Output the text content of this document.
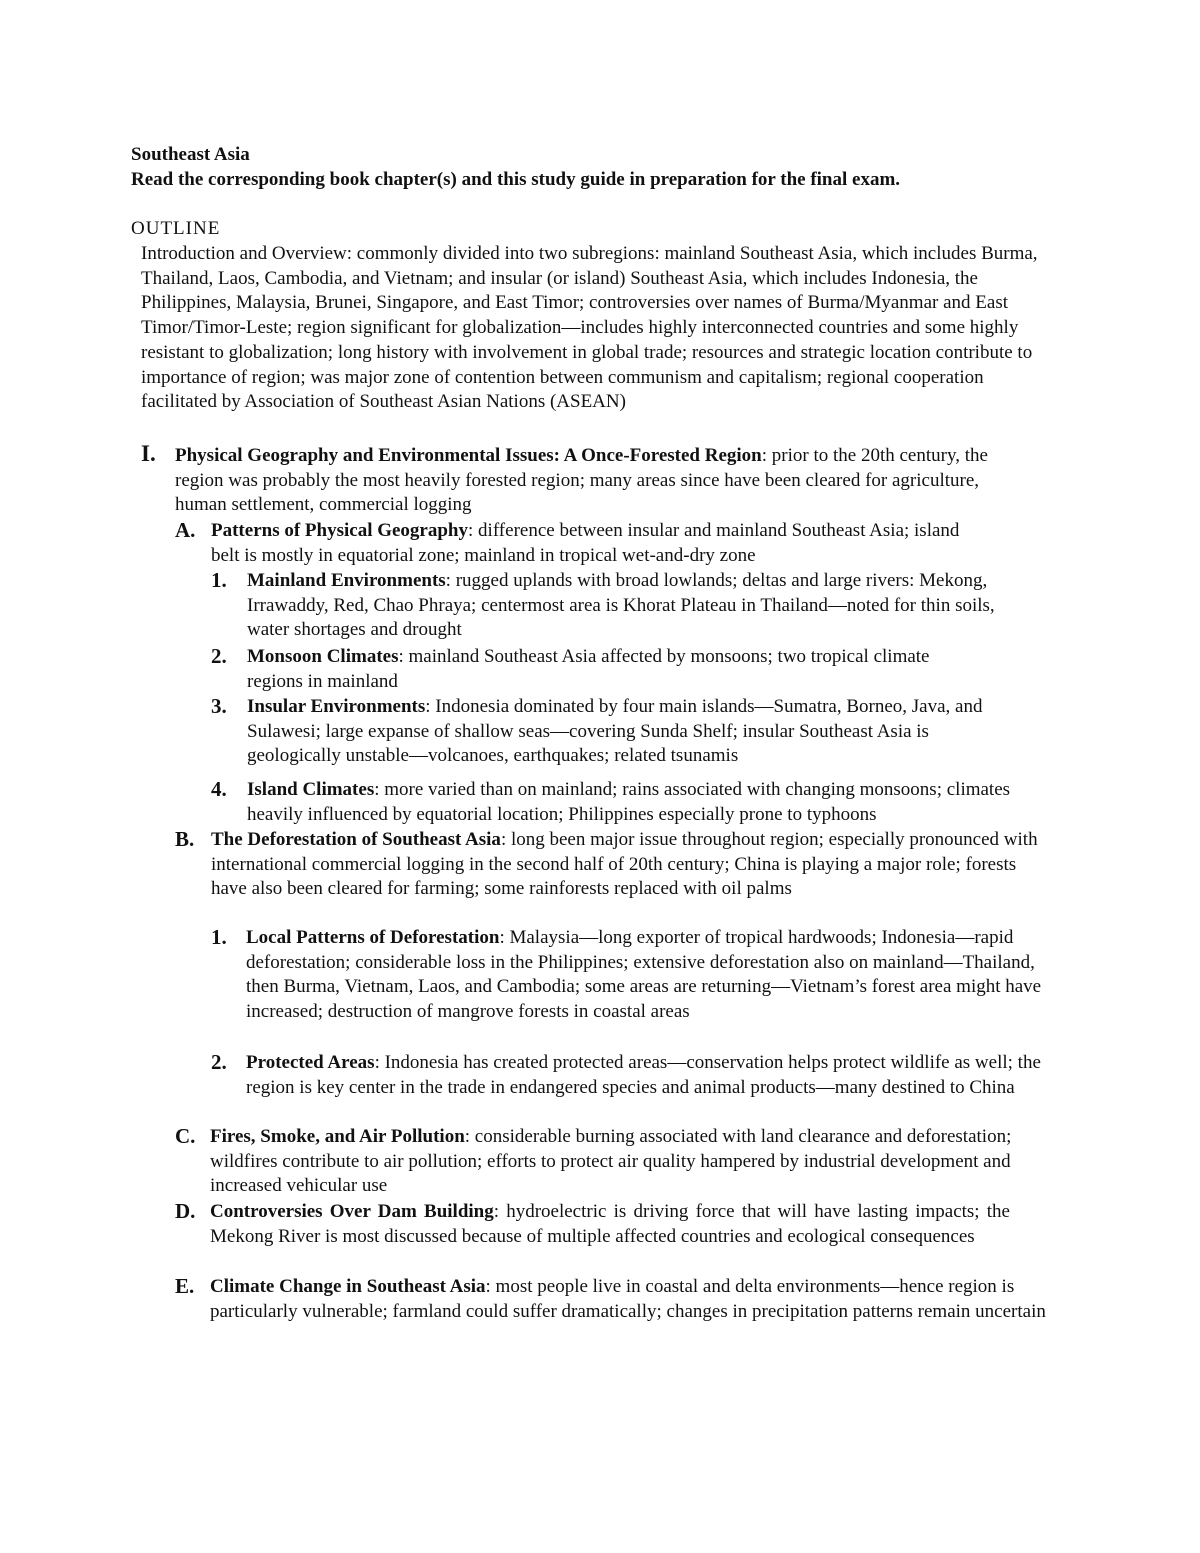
Southeast Asia
Read the corresponding book chapter(s) and this study guide in preparation for the final exam.
OUTLINE
Introduction and Overview: commonly divided into two subregions: mainland Southeast Asia, which includes Burma, Thailand, Laos, Cambodia, and Vietnam; and insular (or island) Southeast Asia, which includes Indonesia, the Philippines, Malaysia, Brunei, Singapore, and East Timor; controversies over names of Burma/Myanmar and East Timor/Timor-Leste; region significant for globalization—includes highly interconnected countries and some highly resistant to globalization; long history with involvement in global trade; resources and strategic location contribute to importance of region; was major zone of contention between communism and capitalism; regional cooperation facilitated by Association of Southeast Asian Nations (ASEAN)
I. Physical Geography and Environmental Issues: A Once-Forested Region: prior to the 20th century, the region was probably the most heavily forested region; many areas since have been cleared for agriculture, human settlement, commercial logging
A. Patterns of Physical Geography: difference between insular and mainland Southeast Asia; island belt is mostly in equatorial zone; mainland in tropical wet-and-dry zone
1. Mainland Environments: rugged uplands with broad lowlands; deltas and large rivers: Mekong, Irrawaddy, Red, Chao Phraya; centermost area is Khorat Plateau in Thailand—noted for thin soils, water shortages and drought
2. Monsoon Climates: mainland Southeast Asia affected by monsoons; two tropical climate regions in mainland
3. Insular Environments: Indonesia dominated by four main islands—Sumatra, Borneo, Java, and Sulawesi; large expanse of shallow seas—covering Sunda Shelf; insular Southeast Asia is geologically unstable—volcanoes, earthquakes; related tsunamis
4. Island Climates: more varied than on mainland; rains associated with changing monsoons; climates heavily influenced by equatorial location; Philippines especially prone to typhoons
B. The Deforestation of Southeast Asia: long been major issue throughout region; especially pronounced with international commercial logging in the second half of 20th century; China is playing a major role; forests have also been cleared for farming; some rainforests replaced with oil palms
1. Local Patterns of Deforestation: Malaysia—long exporter of tropical hardwoods; Indonesia—rapid deforestation; considerable loss in the Philippines; extensive deforestation also on mainland—Thailand, then Burma, Vietnam, Laos, and Cambodia; some areas are returning—Vietnam’s forest area might have increased; destruction of mangrove forests in coastal areas
2. Protected Areas: Indonesia has created protected areas—conservation helps protect wildlife as well; the region is key center in the trade in endangered species and animal products—many destined to China
C. Fires, Smoke, and Air Pollution: considerable burning associated with land clearance and deforestation; wildfires contribute to air pollution; efforts to protect air quality hampered by industrial development and increased vehicular use
D. Controversies Over Dam Building: hydroelectric is driving force that will have lasting impacts; the Mekong River is most discussed because of multiple affected countries and ecological consequences
E. Climate Change in Southeast Asia: most people live in coastal and delta environments—hence region is particularly vulnerable; farmland could suffer dramatically; changes in precipitation patterns remain uncertain
